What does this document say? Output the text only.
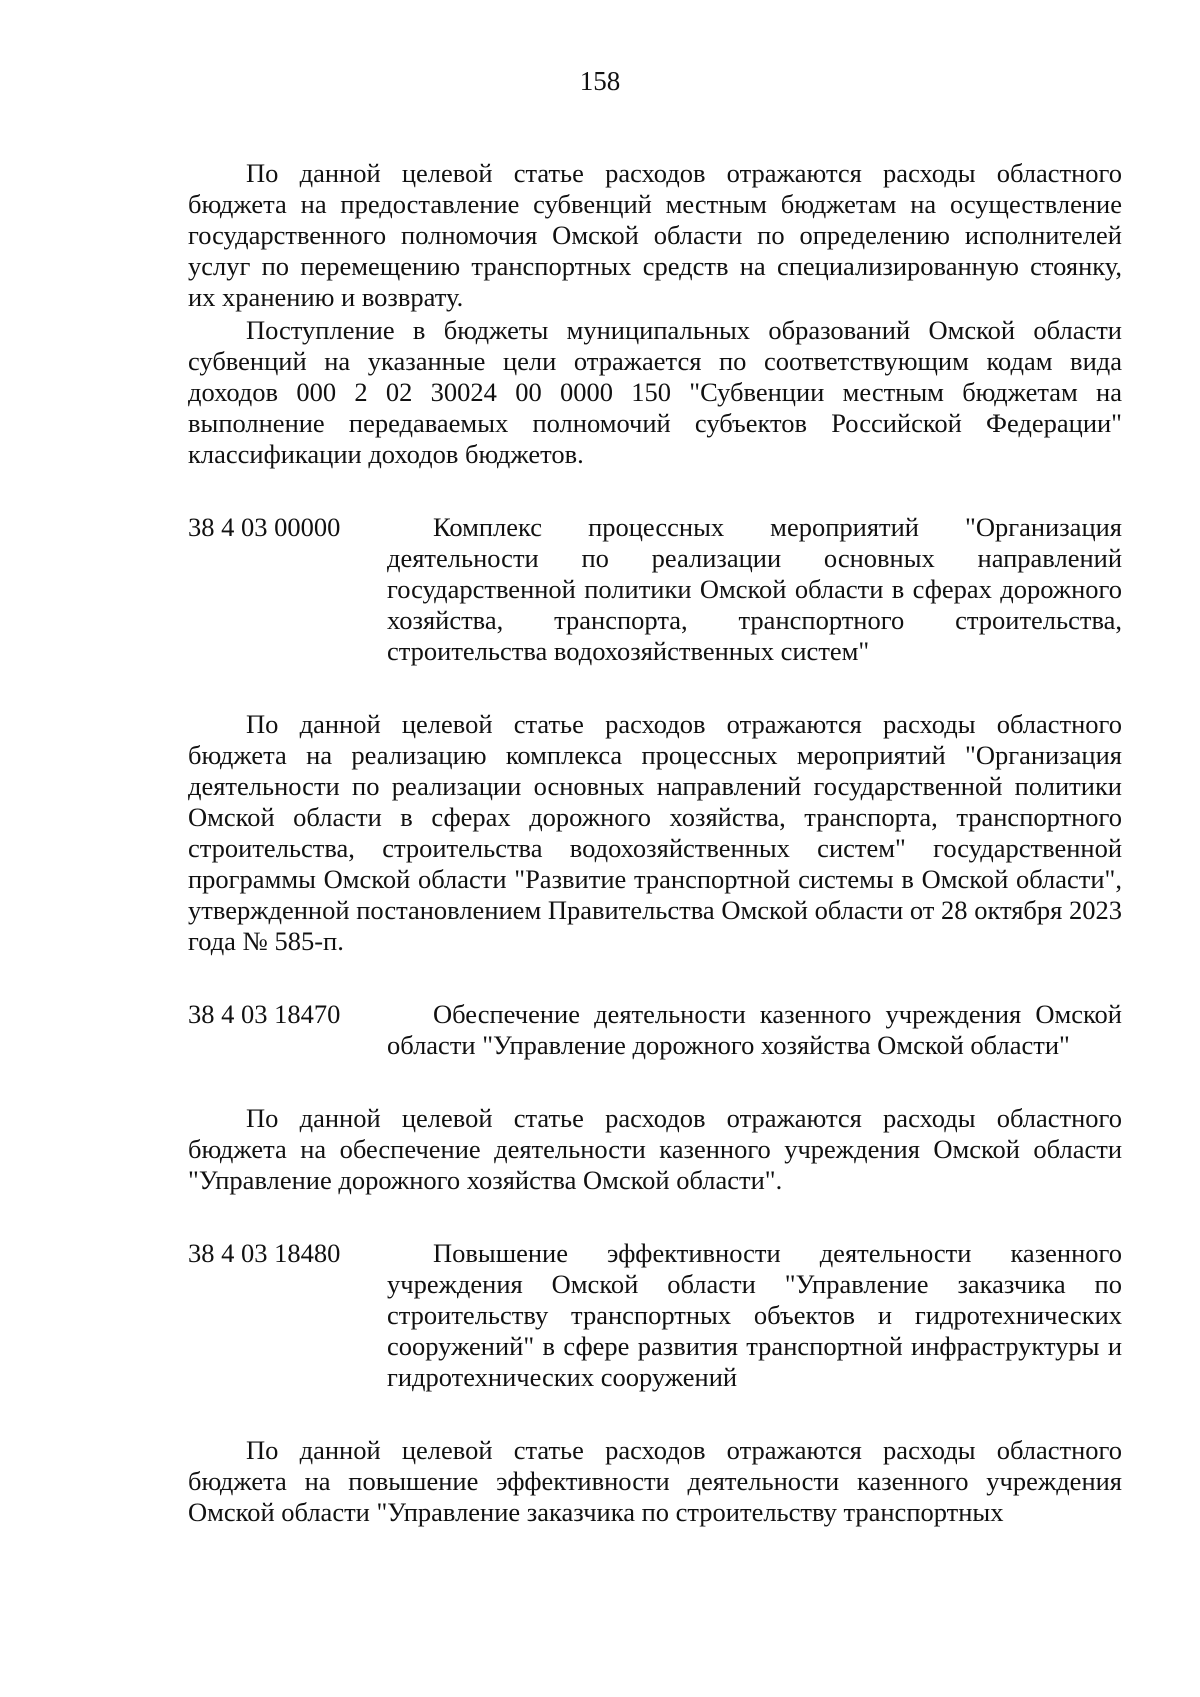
158

По данной целевой статье расходов отражаются расходы областного бюджета на предоставление субвенций местным бюджетам на осуществление государственного полномочия Омской области по определению исполнителей услуг по перемещению транспортных средств на специализированную стоянку, их хранению и возврату.

Поступление в бюджеты муниципальных образований Омской области субвенций на указанные цели отражается по соответствующим кодам вида доходов 000 2 02 30024 00 0000 150 "Субвенции местным бюджетам на выполнение передаваемых полномочий субъектов Российской Федерации" классификации доходов бюджетов.

38 4 03 00000	Комплекс процессных мероприятий "Организация деятельности по реализации основных направлений государственной политики Омской области в сферах дорожного хозяйства, транспорта, транспортного строительства, строительства водохозяйственных систем"

По данной целевой статье расходов отражаются расходы областного бюджета на реализацию комплекса процессных мероприятий "Организация деятельности по реализации основных направлений государственной политики Омской области в сферах дорожного хозяйства, транспорта, транспортного строительства, строительства водохозяйственных систем" государственной программы Омской области "Развитие транспортной системы в Омской области", утвержденной постановлением Правительства Омской области от 28 октября 2023 года № 585-п.

38 4 03 18470	Обеспечение деятельности казенного учреждения Омской области "Управление дорожного хозяйства Омской области"

По данной целевой статье расходов отражаются расходы областного бюджета на обеспечение деятельности казенного учреждения Омской области "Управление дорожного хозяйства Омской области".

38 4 03 18480	Повышение эффективности деятельности казенного учреждения Омской области "Управление заказчика по строительству транспортных объектов и гидротехнических сооружений" в сфере развития транспортной инфраструктуры и гидротехнических сооружений

По данной целевой статье расходов отражаются расходы областного бюджета на повышение эффективности деятельности казенного учреждения Омской области "Управление заказчика по строительству транспортных
